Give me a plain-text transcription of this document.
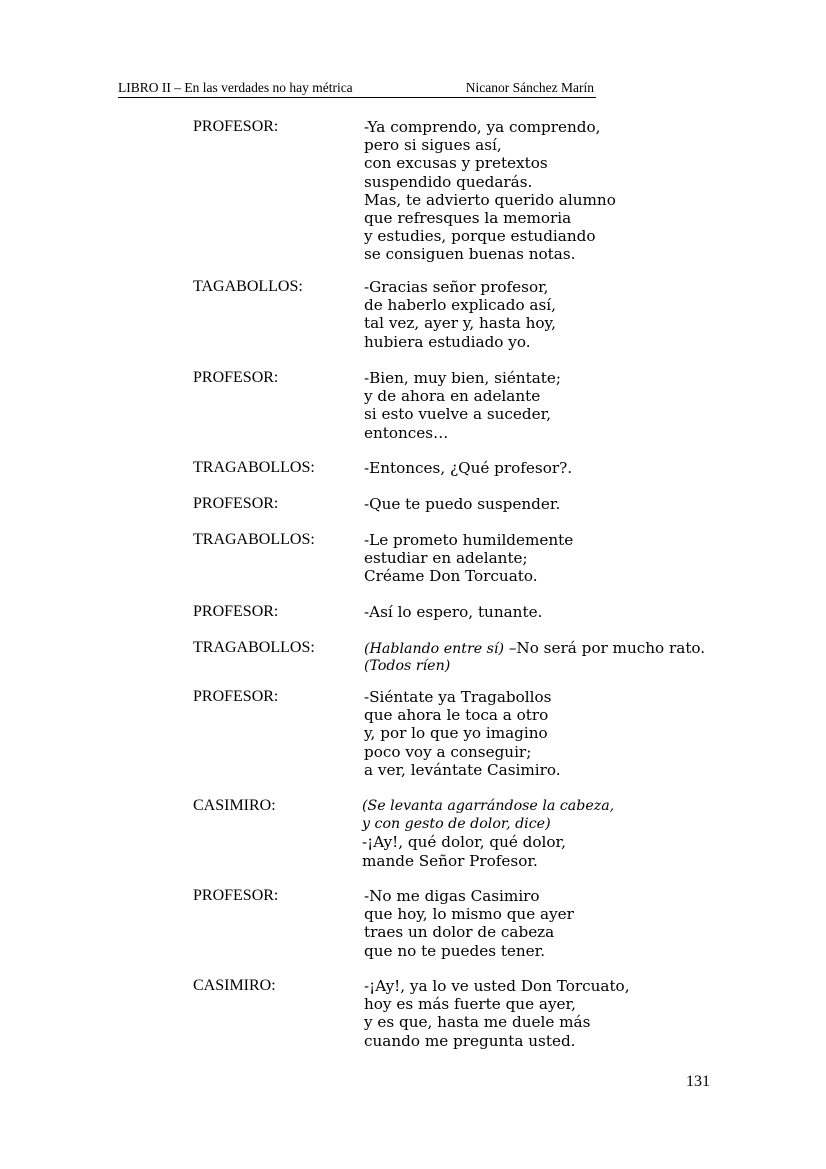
LIBRO II – En las verdades no hay métrica	Nicanor Sánchez Marín
PROFESOR:	-Ya comprendo, ya comprendo,
pero si sigues así,
con excusas y pretextos
suspendido quedarás.
Mas, te advierto querido alumno
que refresques la memoria
y estudies, porque estudiando
se consiguen buenas notas.
TAGABOLLOS:	-Gracias señor profesor,
de haberlo explicado así,
tal vez, ayer y, hasta hoy,
hubiera estudiado yo.
PROFESOR:	-Bien, muy bien, siéntate;
y de ahora en adelante
si esto vuelve a suceder,
entonces…
TRAGABOLLOS:	-Entonces, ¿Qué profesor?.
PROFESOR:	-Que te puedo suspender.
TRAGABOLLOS:	-Le prometo humildemente
estudiar en adelante;
Créame Don Torcuato.
PROFESOR:	-Así lo espero, tunante.
TRAGABOLLOS:	(Hablando entre sí) –No será por mucho rato.
(Todos ríen)
PROFESOR:	-Siéntate ya Tragabollos
que ahora le toca a otro
y, por lo que yo imagino
poco voy a conseguir;
a ver, levántate Casimiro.
CASIMIRO:	(Se levanta agarrándose la cabeza,
y con gesto de dolor, dice)
-¡Ay!, qué dolor, qué dolor,
mande Señor Profesor.
PROFESOR:	-No me digas Casimiro
que hoy, lo mismo que ayer
traes un dolor de cabeza
que no te puedes tener.
CASIMIRO:	-¡Ay!, ya lo ve usted Don Torcuato,
hoy es más fuerte que ayer,
y es que, hasta me duele más
cuando me pregunta usted.
131
